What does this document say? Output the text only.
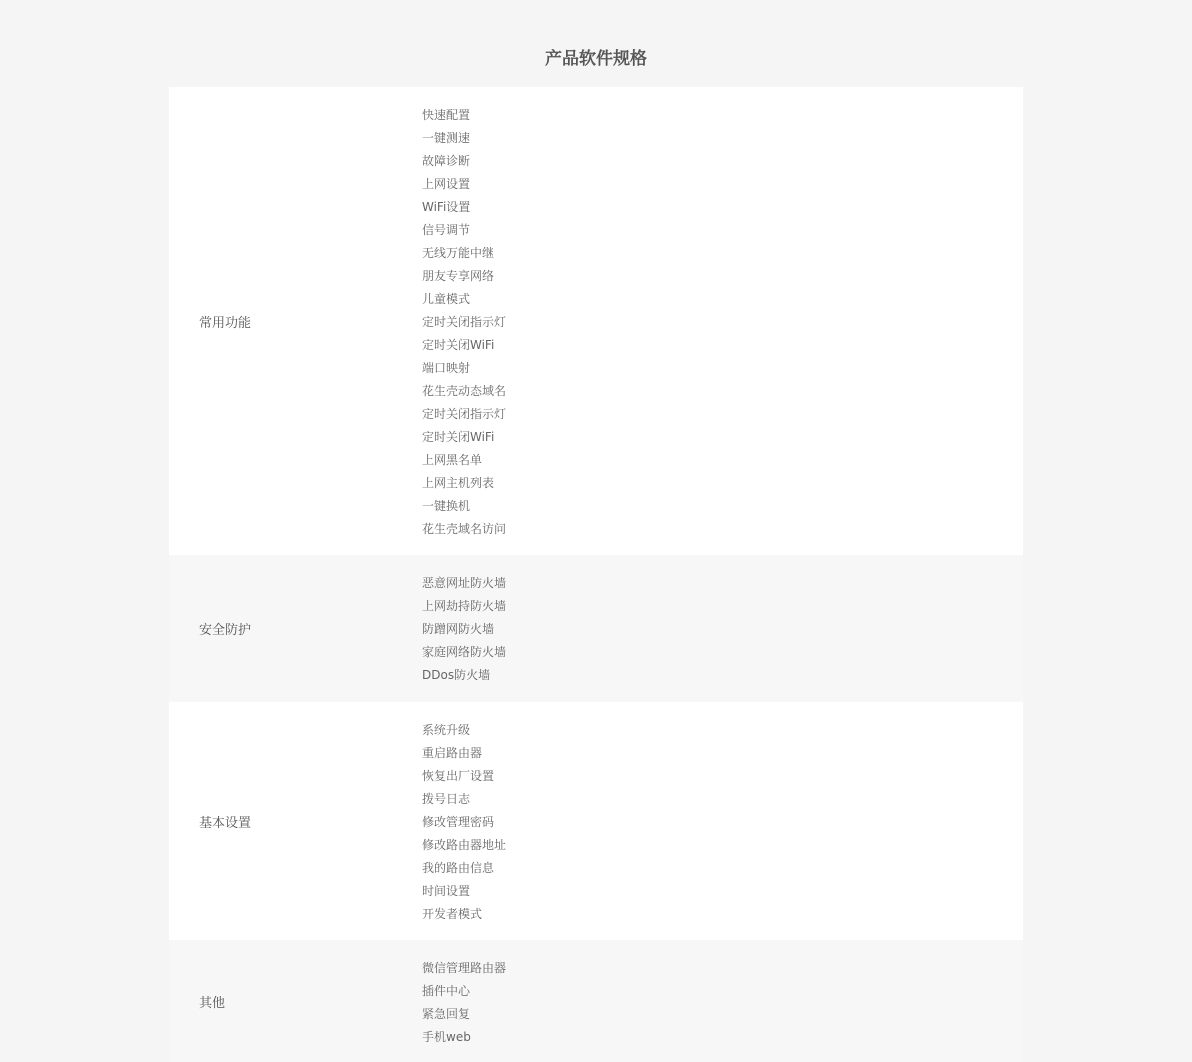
产品软件规格
常用功能
快速配置
一键测速
故障诊断
上网设置
WiFi设置
信号调节
无线万能中继
朋友专享网络
儿童模式
定时关闭指示灯
定时关闭WiFi
端口映射
花生壳动态域名
定时关闭指示灯
定时关闭WiFi
上网黑名单
上网主机列表
一键换机
花生壳域名访问
安全防护
恶意网址防火墙
上网劫持防火墙
防蹭网防火墙
家庭网络防火墙
DDos防火墙
基本设置
系统升级
重启路由器
恢复出厂设置
拨号日志
修改管理密码
修改路由器地址
我的路由信息
时间设置
开发者模式
其他
微信管理路由器
插件中心
紧急回复
手机web
